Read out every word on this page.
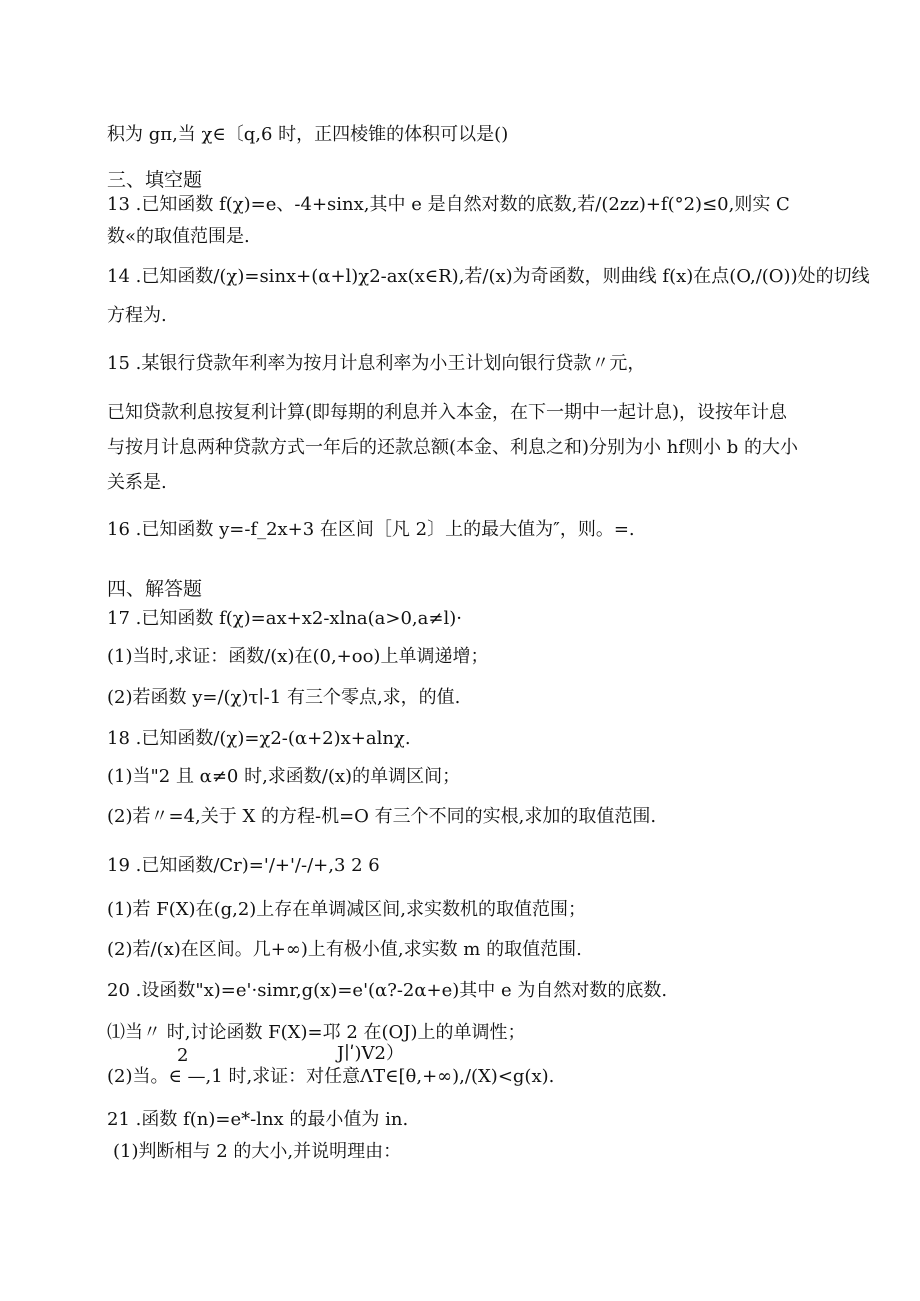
积为 gπ,当 χ∈〔q,6 时，正四棱锥的体积可以是()
三、填空题
13 .已知函数 f(χ)=e、-4+sinx,其中 e 是自然对数的底数,若/(2zz)+f(°2)≤0,则实 C
数«的取值范围是.
14 .已知函数/(χ)=sinx+(α+l)χ2-ax(x∈R),若/(x)为奇函数，则曲线 f(x)在点(O,/(O))处的切线
方程为.
15 .某银行贷款年利率为按月计息利率为小王计划向银行贷款〃元，
已知贷款利息按复利计算(即每期的利息并入本金，在下一期中一起计息)，设按年计息
与按月计息两种贷款方式一年后的还款总额(本金、利息之和)分别为小 hf则小 b 的大小
关系是.
16 .已知函数 y=-f_2x+3 在区间［凡 2〕上的最大值为″，则。=.
四、解答题
17 .已知函数 f(χ)=ax+x2-xlna(a>0,a≠l)·
(1)当时,求证：函数/(x)在(0,+oo)上单调递增；
(2)若函数 y=∕(χ)τ∣-1 有三个零点,求，的值.
18 .已知函数/(χ)=χ2-(α+2)x+alnχ.
(1)当"2 且 α≠0 时,求函数/(x)的单调区间；
(2)若〃=4,关于 X 的方程-机=O 有三个不同的实根,求加的取值范围.
19 .已知函数/Cr)='/+'/-/+,3 2 6
(1)若 F(X)在(g,2)上存在单调减区间,求实数机的取值范围；
(2)若/(x)在区间。几+∞)上有极小值,求实数 m 的取值范围.
20 .设函数"x)=e'·simr,g(x)=e'(α?-2α+e)其中 e 为自然对数的底数.
⑴当〃 时,讨论函数 F(X)=邛 2 在(OJ)上的单调性；
2	J∣ʹ)V2）
(2)当。∈ —,1 时,求证：对任意ΛT∈[θ,+∞),/(X)<g(x).
21 .函数 f(n)=e*-lnx 的最小值为 in.
(1)判断相与 2 的大小,并说明理由：
